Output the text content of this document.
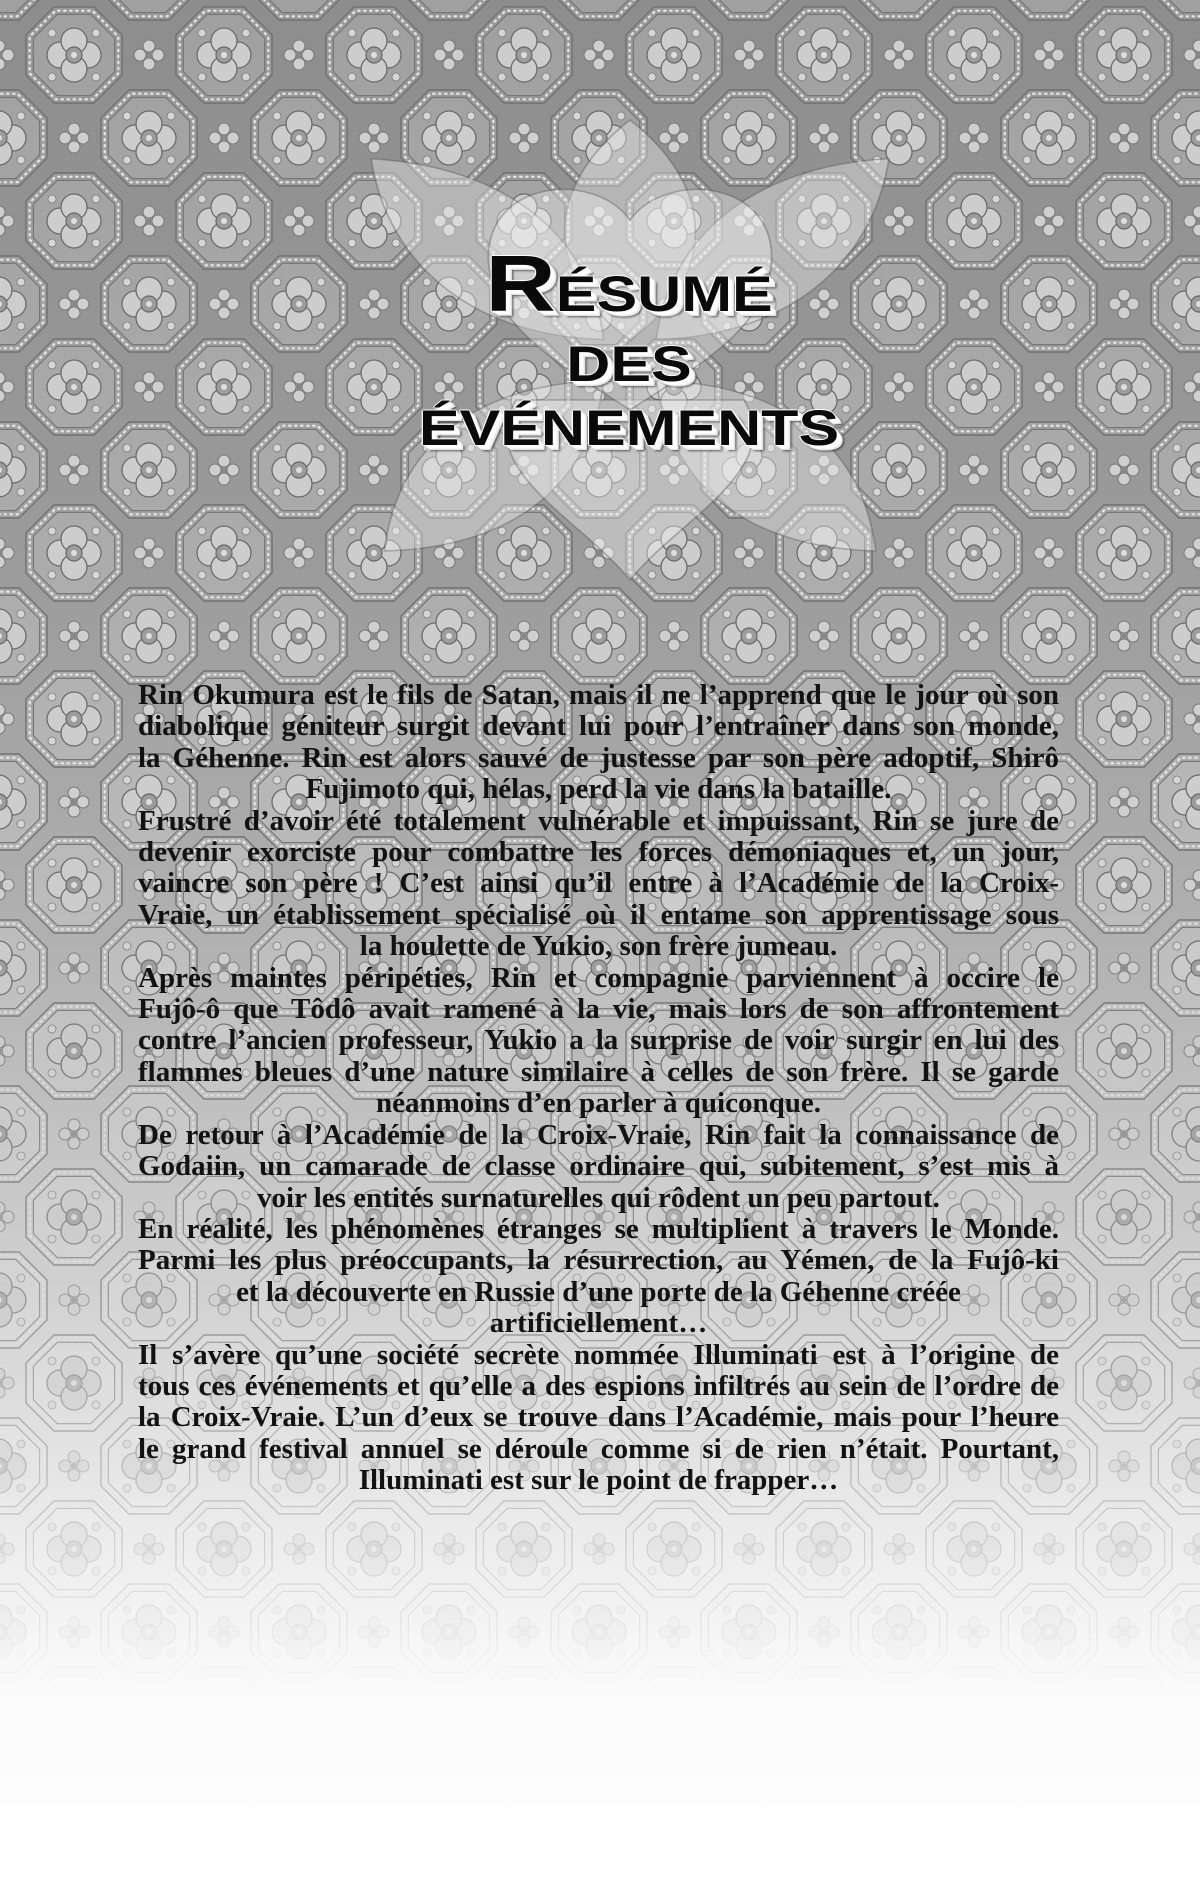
RÉSUMÉ
DES
ÉVÉNEMENTS
Rin Okumura est le fils de Satan, mais il ne l’apprend que le jour où son
diabolique géniteur surgit devant lui pour l’entraîner dans son monde,
la Géhenne. Rin est alors sauvé de justesse par son père adoptif, Shirô
Fujimoto qui, hélas, perd la vie dans la bataille.
Frustré d’avoir été totalement vulnérable et impuissant, Rin se jure de
devenir exorciste pour combattre les forces démoniaques et, un jour,
vaincre son père ! C’est ainsi qu’il entre à l’Académie de la Croix-
Vraie, un établissement spécialisé où il entame son apprentissage sous
la houlette de Yukio, son frère jumeau.
Après maintes péripéties, Rin et compagnie parviennent à occire le
Fujô-ô que Tôdô avait ramené à la vie, mais lors de son affrontement
contre l’ancien professeur, Yukio a la surprise de voir surgir en lui des
flammes bleues d’une nature similaire à celles de son frère. Il se garde
néanmoins d’en parler à quiconque.
De retour à l’Académie de la Croix-Vraie, Rin fait la connaissance de
Godaiin, un camarade de classe ordinaire qui, subitement, s’est mis à
voir les entités surnaturelles qui rôdent un peu partout.
En réalité, les phénomènes étranges se multiplient à travers le Monde.
Parmi les plus préoccupants, la résurrection, au Yémen, de la Fujô-ki
et la découverte en Russie d’une porte de la Géhenne créée
artificiellement…
Il s’avère qu’une société secrète nommée Illuminati est à l’origine de
tous ces événements et qu’elle a des espions infiltrés au sein de l’ordre de
la Croix-Vraie. L’un d’eux se trouve dans l’Académie, mais pour l’heure
le grand festival annuel se déroule comme si de rien n’était. Pourtant,
Illuminati est sur le point de frapper…
